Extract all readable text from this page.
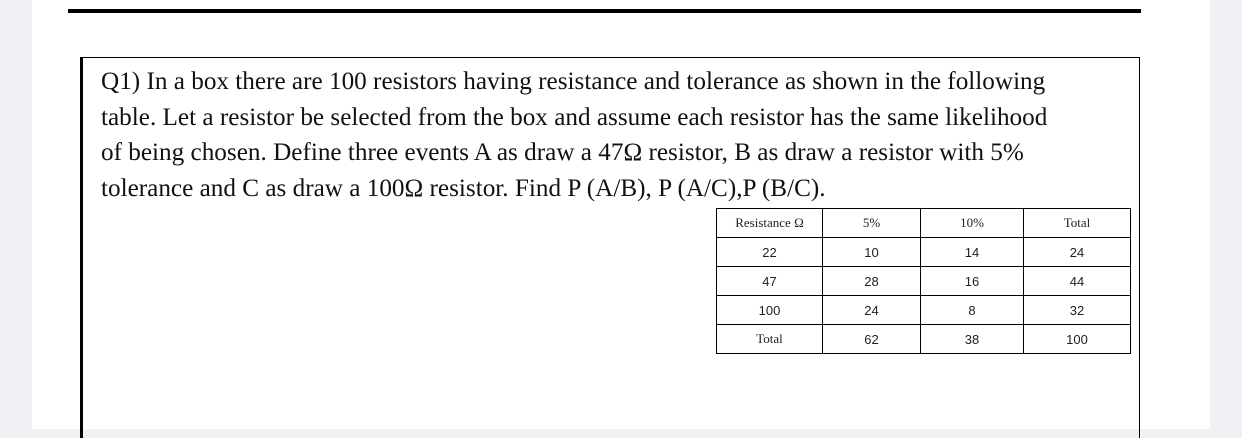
Q1) In a box there are 100 resistors having resistance and tolerance as shown in the following
table. Let a resistor be selected from the box and assume each resistor has the same likelihood
of being chosen. Define three events A as draw a 47Ω resistor, B as draw a resistor with 5%
tolerance and C as draw a 100Ω resistor. Find P (A/B), P (A/C),P (B/C).

Resistance Ω	5%	10%	Total
22	10	14	24
47	28	16	44
100	24	8	32
Total	62	38	100
